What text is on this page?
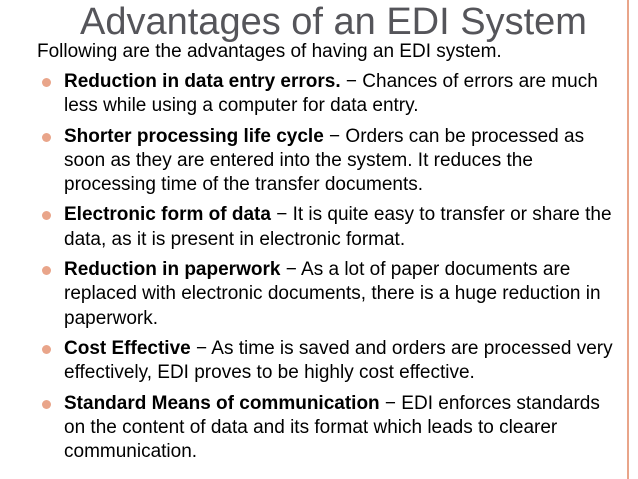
Advantages of an EDI System
Following are the advantages of having an EDI system.
Reduction in data entry errors. − Chances of errors are much less while using a computer for data entry.
Shorter processing life cycle − Orders can be processed as soon as they are entered into the system. It reduces the processing time of the transfer documents.
Electronic form of data − It is quite easy to transfer or share the data, as it is present in electronic format.
Reduction in paperwork − As a lot of paper documents are replaced with electronic documents, there is a huge reduction in paperwork.
Cost Effective − As time is saved and orders are processed very effectively, EDI proves to be highly cost effective.
Standard Means of communication − EDI enforces standards on the content of data and its format which leads to clearer communication.
